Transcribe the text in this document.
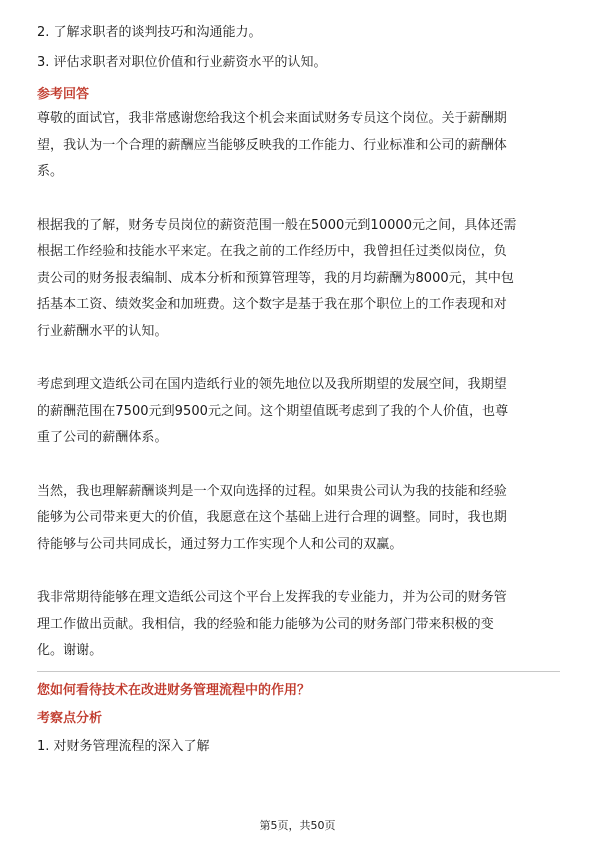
2. 了解求职者的谈判技巧和沟通能力。
3. 评估求职者对职位价值和行业薪资水平的认知。
参考回答
尊敬的面试官，我非常感谢您给我这个机会来面试财务专员这个岗位。关于薪酬期
望，我认为一个合理的薪酬应当能够反映我的工作能力、行业标准和公司的薪酬体
系。
根据我的了解，财务专员岗位的薪资范围一般在5000元到10000元之间，具体还需
根据工作经验和技能水平来定。在我之前的工作经历中，我曾担任过类似岗位，负
责公司的财务报表编制、成本分析和预算管理等，我的月均薪酬为8000元，其中包
括基本工资、绩效奖金和加班费。这个数字是基于我在那个职位上的工作表现和对
行业薪酬水平的认知。
考虑到理文造纸公司在国内造纸行业的领先地位以及我所期望的发展空间，我期望
的薪酬范围在7500元到9500元之间。这个期望值既考虑到了我的个人价值，也尊
重了公司的薪酬体系。
当然，我也理解薪酬谈判是一个双向选择的过程。如果贵公司认为我的技能和经验
能够为公司带来更大的价值，我愿意在这个基础上进行合理的调整。同时，我也期
待能够与公司共同成长，通过努力工作实现个人和公司的双赢。
我非常期待能够在理文造纸公司这个平台上发挥我的专业能力，并为公司的财务管
理工作做出贡献。我相信，我的经验和能力能够为公司的财务部门带来积极的变
化。谢谢。
您如何看待技术在改进财务管理流程中的作用？
考察点分析
1. 对财务管理流程的深入了解
第5页，共50页
